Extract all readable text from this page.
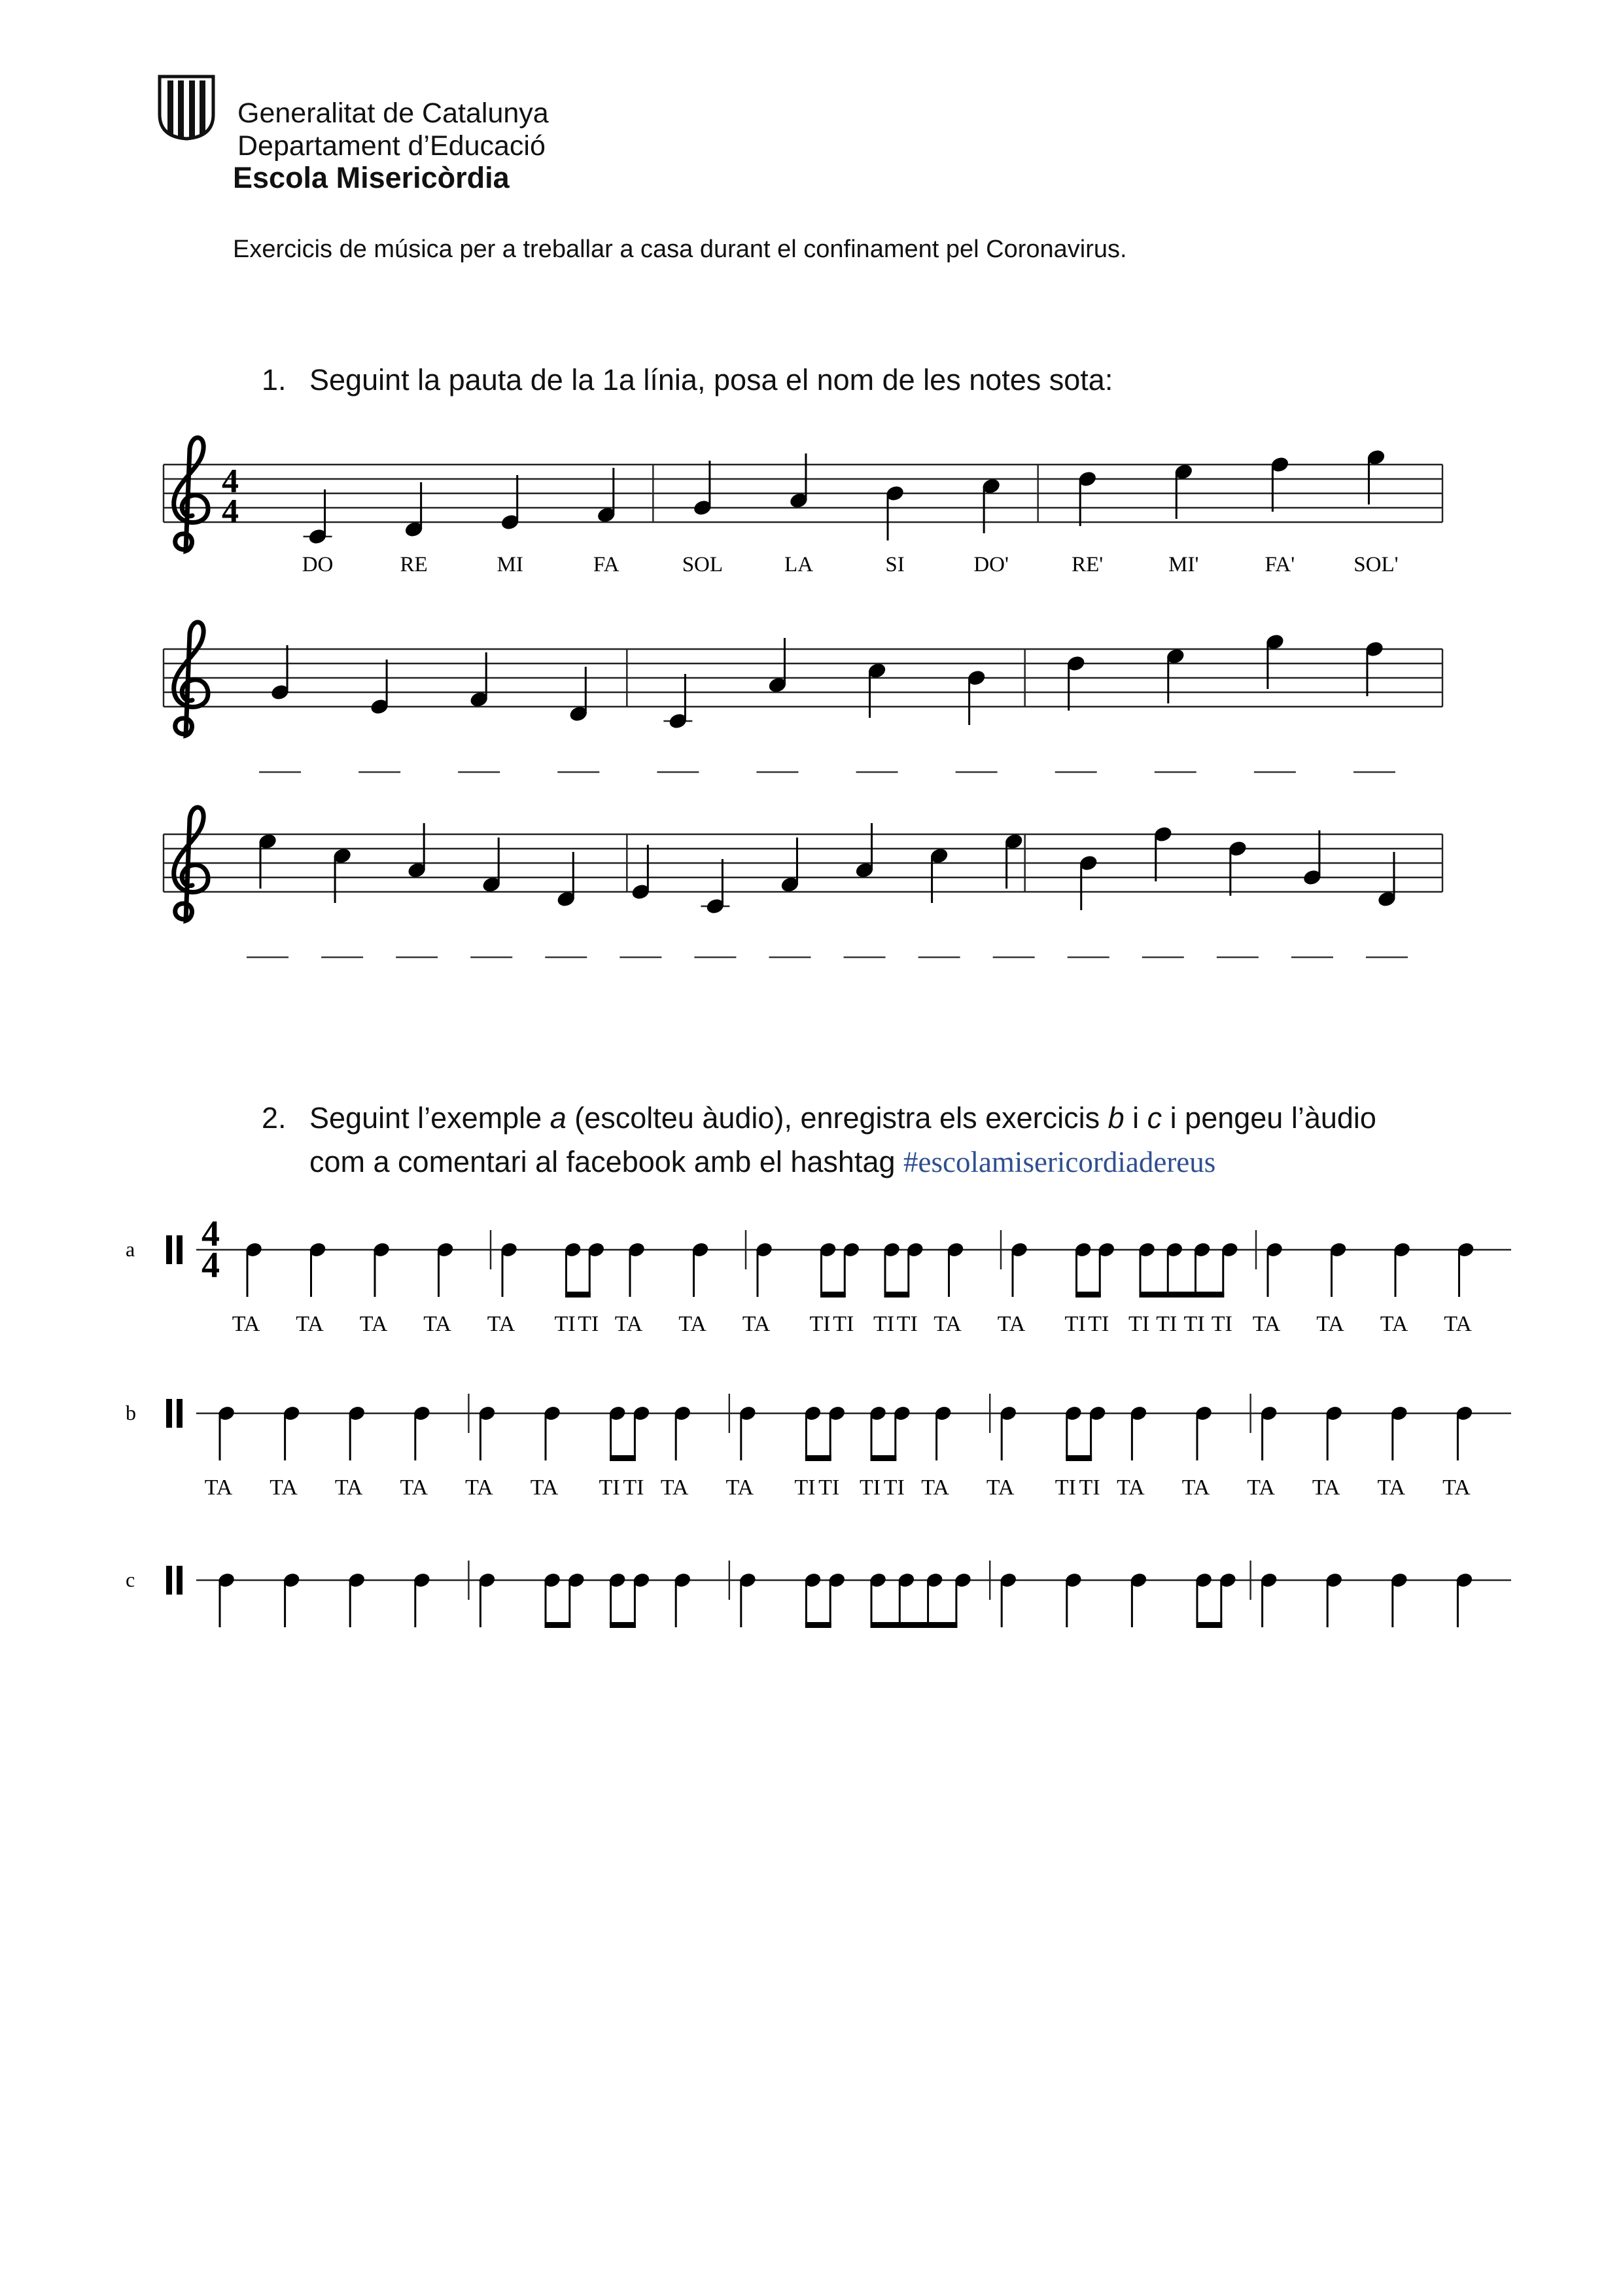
Generalitat de Catalunya
Departament d’Educació
Escola Misericòrdia
Exercicis de música per a treballar a casa durant el confinament pel Coronavirus.
1. Seguint la pauta de la 1a línia, posa el nom de les notes sota:
4
4
DO	RE	MI	FA	SOL	LA	SI	DO'	RE'	MI'	FA'	SOL'
2. Seguint l’exemple a (escolteu àudio), enregistra els exercicis b i c i pengeu l’àudio
com a comentari al facebook amb el hashtag #escolamisericordiadereus
a 4
4
TA TA TA TA TA TI TI TA TA TA TI TI TI TI TA TA TI TI TI TI TI TI TA TA TA TA
b
TA TA TA TA TA TA TI TI TA TA TI TI TI TI TA TA TI TI TA TA TA TA TA TA
c
